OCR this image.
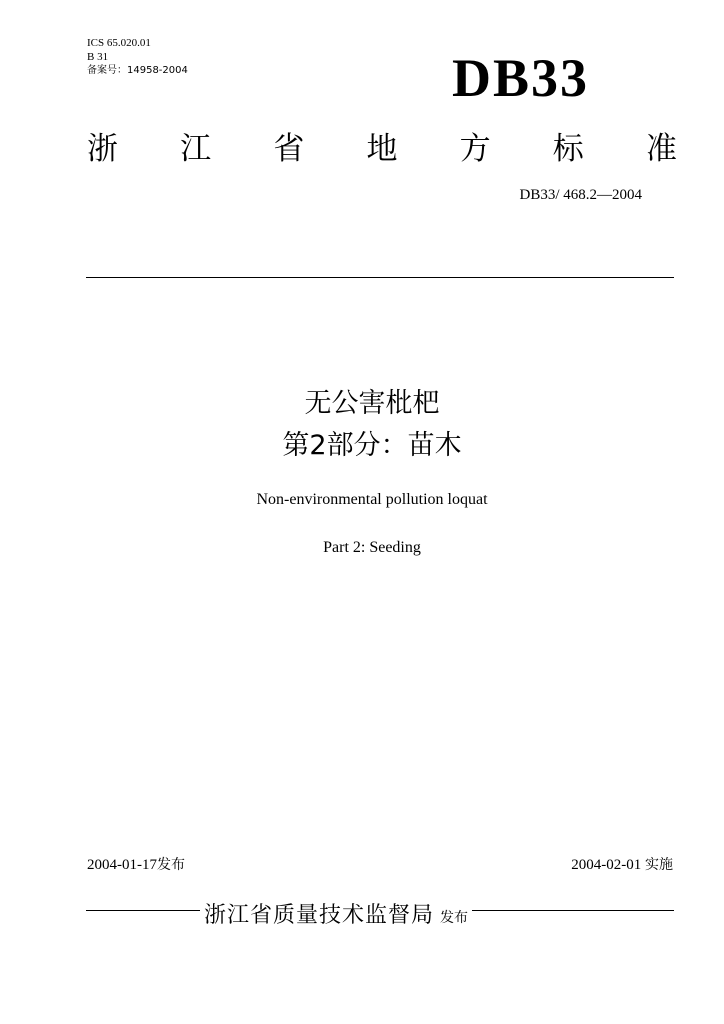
ICS 65.020.01
B 31
备案号：14958-2004	DB33
浙 江 省 地 方 标 准
DB33/ 468.2—2004
无公害枇杷
第2部分：苗木
Non-environmental pollution loquat
Part 2: Seeding
2004-01-17发布	2004-02-01 实施
浙江省质量技术监督局 发布
